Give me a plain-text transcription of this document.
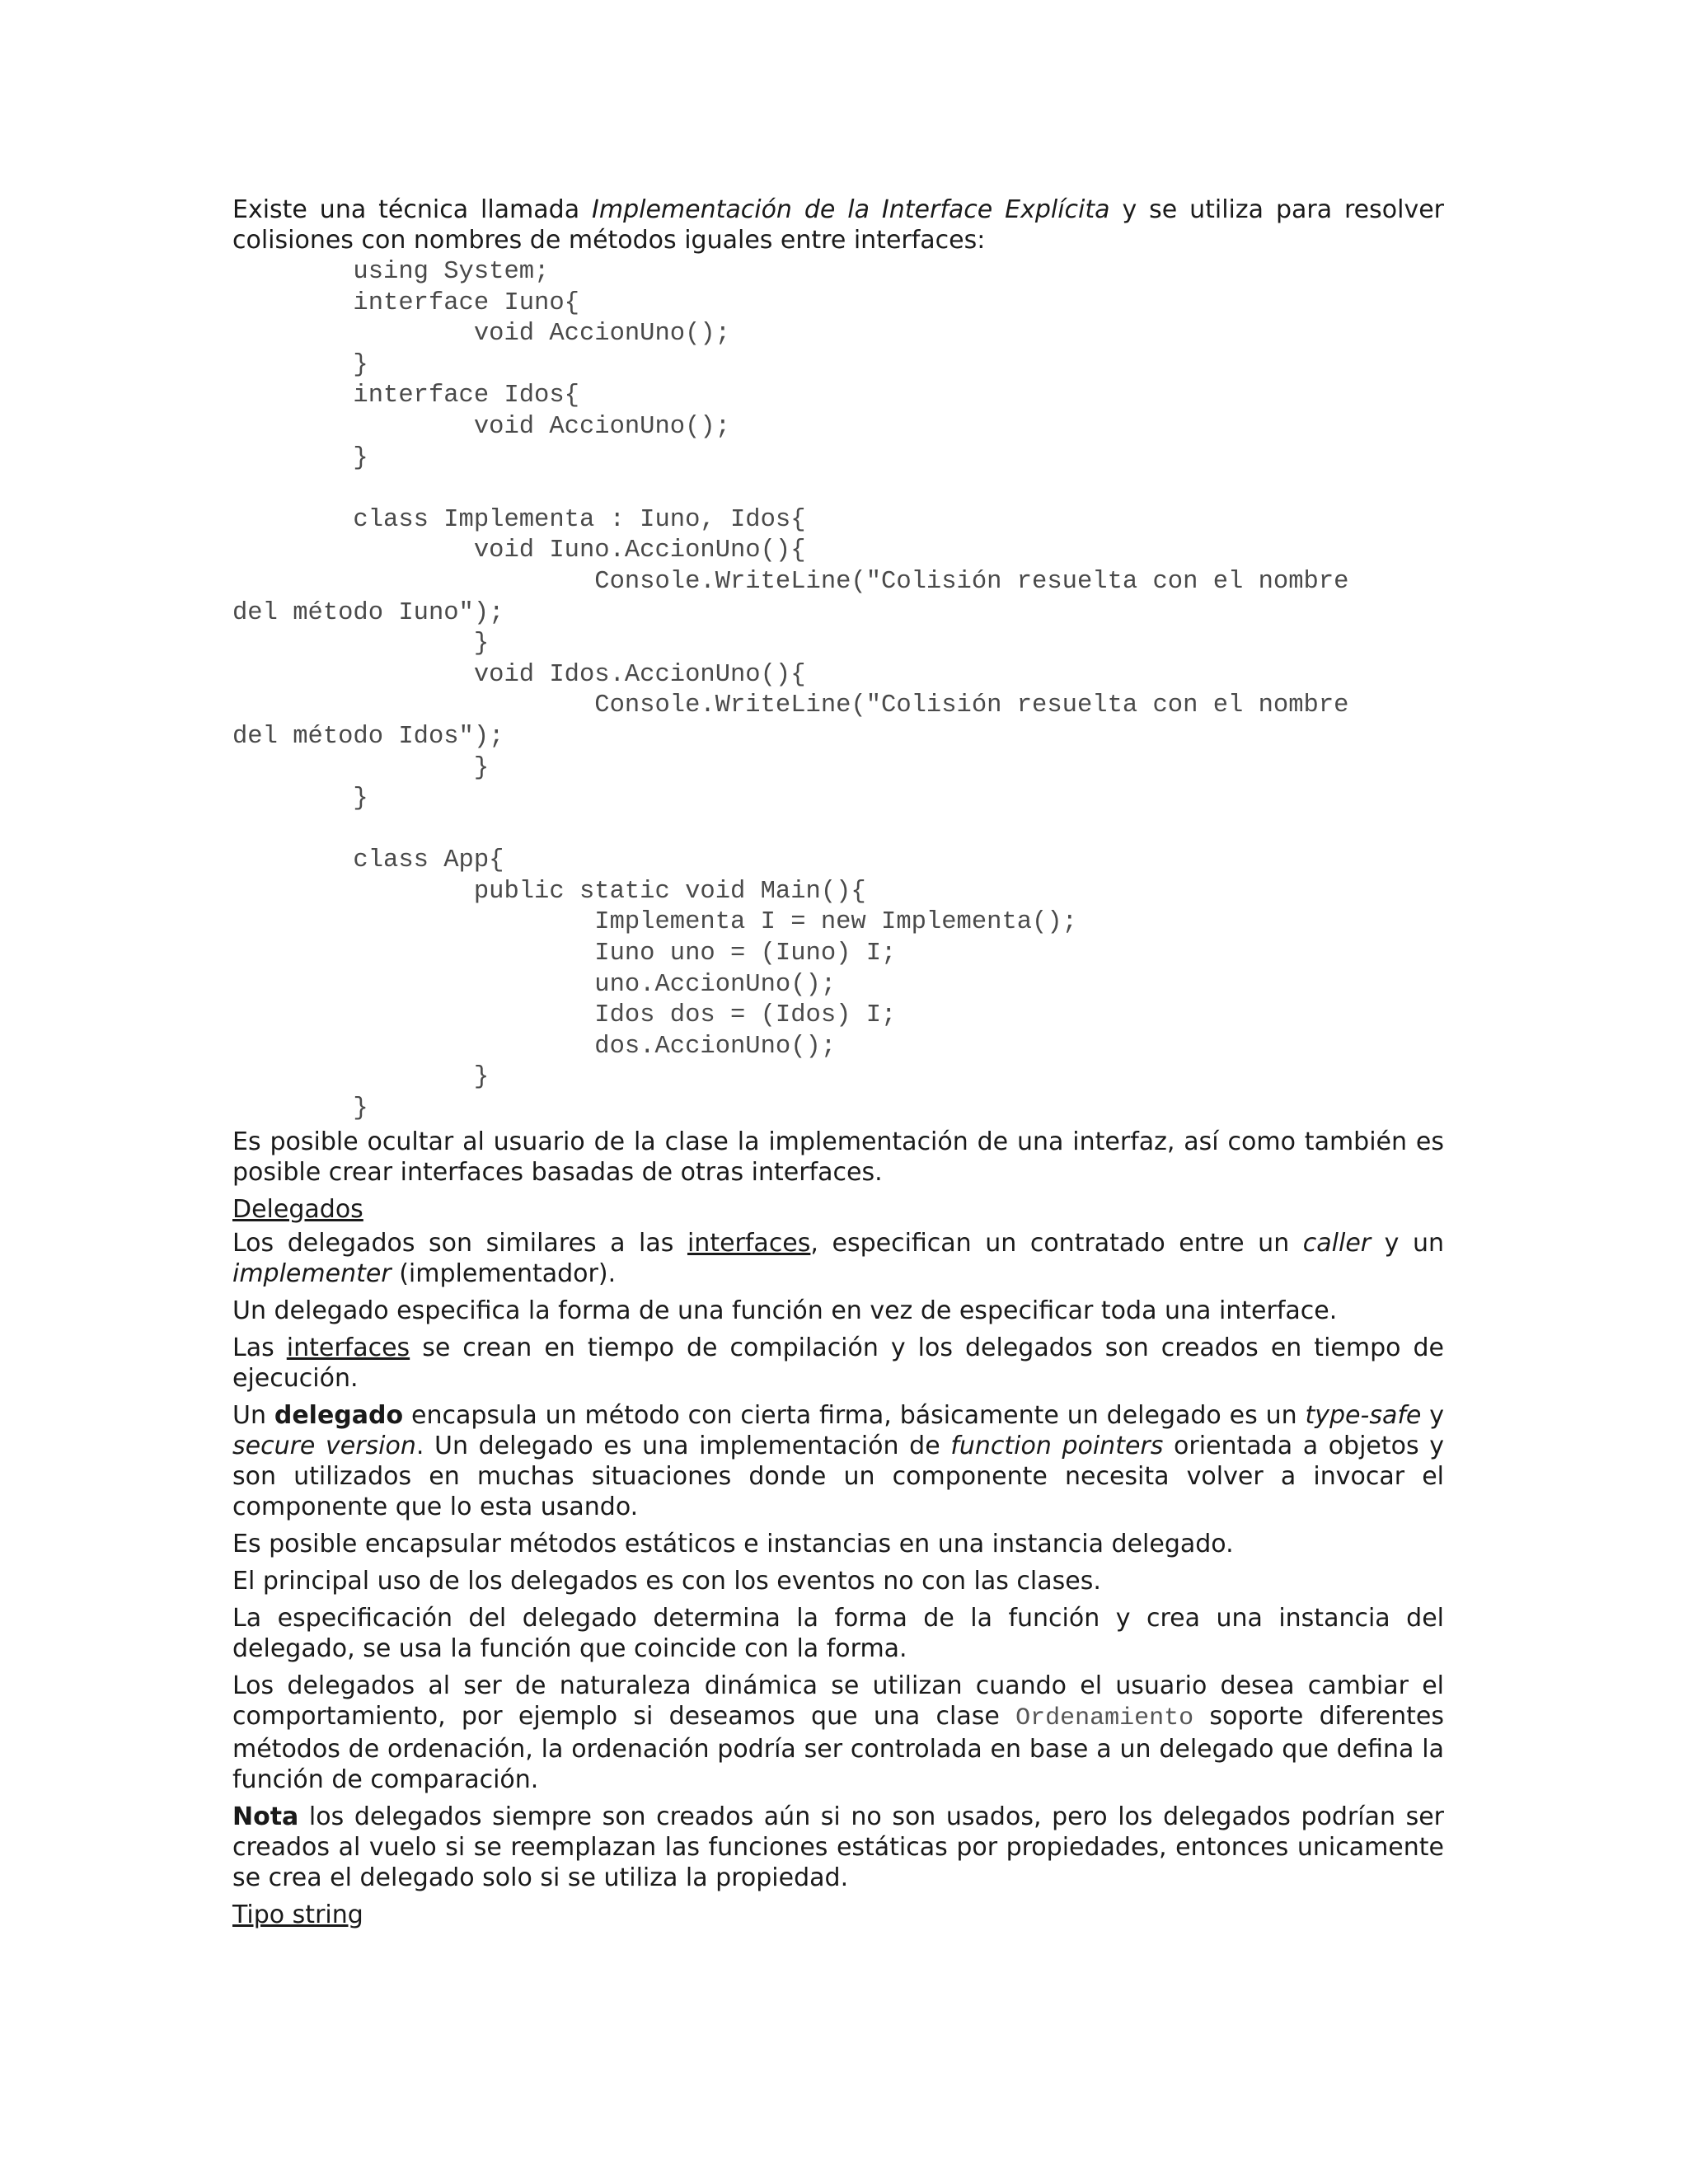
Existe una técnica llamada Implementación de la Interface Explícita y se utiliza para resolver colisiones con nombres de métodos iguales entre interfaces:

using System;
interface Iuno{
void AccionUno();
}
interface Idos{
void AccionUno();
}

class Implementa : Iuno, Idos{
void Iuno.AccionUno(){
Console.WriteLine("Colisión resuelta con el nombre
del método Iuno");
}
void Idos.AccionUno(){
Console.WriteLine("Colisión resuelta con el nombre
del método Idos");
}
}

class App{
public static void Main(){
Implementa I = new Implementa();
Iuno uno = (Iuno) I;
uno.AccionUno();
Idos dos = (Idos) I;
dos.AccionUno();
}
}

Es posible ocultar al usuario de la clase la implementación de una interfaz, así como también es posible crear interfaces basadas de otras interfaces.

Delegados

Los delegados son similares a las interfaces, especifican un contratado entre un caller y un implementer (implementador).

Un delegado especifica la forma de una función en vez de especificar toda una interface.

Las interfaces se crean en tiempo de compilación y los delegados son creados en tiempo de ejecución.

Un delegado encapsula un método con cierta firma, básicamente un delegado es un type-safe y secure version. Un delegado es una implementación de function pointers orientada a objetos y son utilizados en muchas situaciones donde un componente necesita volver a invocar el componente que lo esta usando.

Es posible encapsular métodos estáticos e instancias en una instancia delegado.

El principal uso de los delegados es con los eventos no con las clases.

La especificación del delegado determina la forma de la función y crea una instancia del delegado, se usa la función que coincide con la forma.

Los delegados al ser de naturaleza dinámica se utilizan cuando el usuario desea cambiar el comportamiento, por ejemplo si deseamos que una clase Ordenamiento soporte diferentes métodos de ordenación, la ordenación podría ser controlada en base a un delegado que defina la función de comparación.

Nota los delegados siempre son creados aún si no son usados, pero los delegados podrían ser creados al vuelo si se reemplazan las funciones estáticas por propiedades, entonces unicamente se crea el delegado solo si se utiliza la propiedad.

Tipo string
